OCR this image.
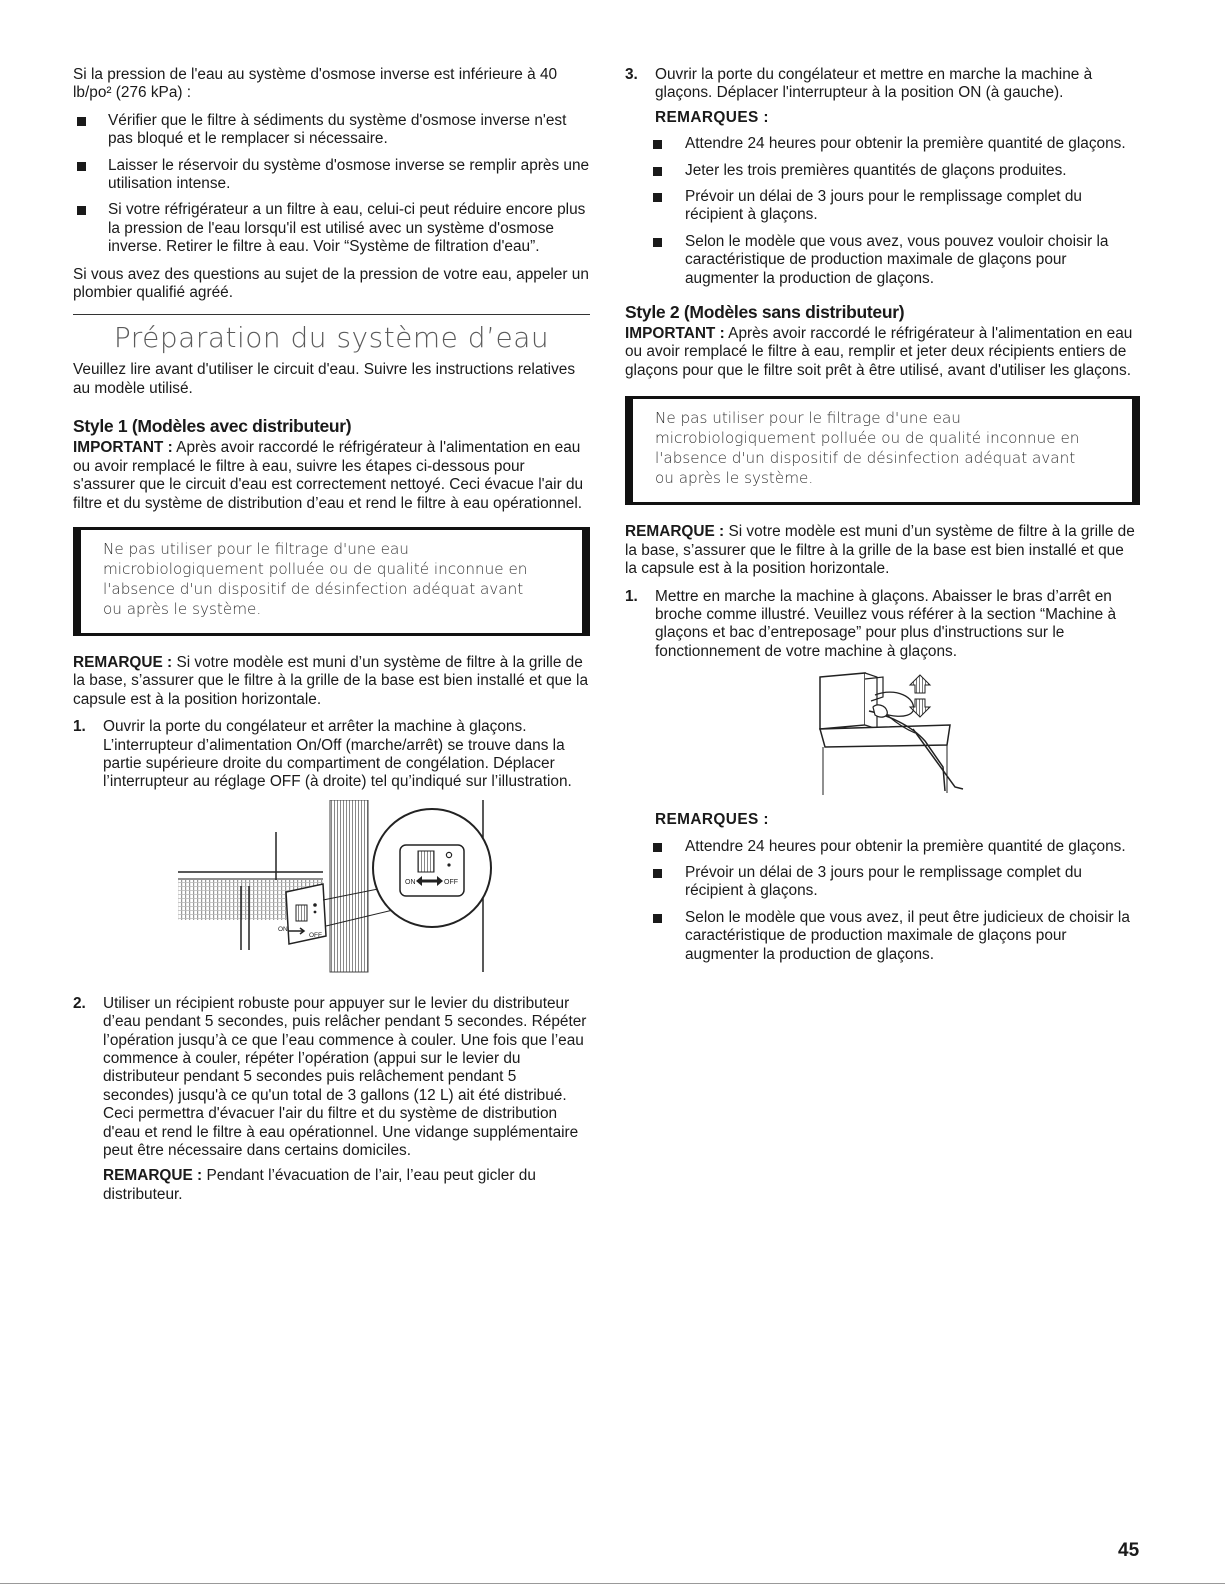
Si la pression de l'eau au système d'osmose inverse est inférieure à 40 lb/po² (276 kPa) :

Vérifier que le filtre à sédiments du système d'osmose inverse n'est pas bloqué et le remplacer si nécessaire.
Laisser le réservoir du système d'osmose inverse se remplir après une utilisation intense.
Si votre réfrigérateur a un filtre à eau, celui-ci peut réduire encore plus la pression de l'eau lorsqu'il est utilisé avec un système d'osmose inverse. Retirer le filtre à eau. Voir “Système de filtration d'eau”.

Si vous avez des questions au sujet de la pression de votre eau, appeler un plombier qualifié agréé.

Préparation du système d’eau

Veuillez lire avant d'utiliser le circuit d'eau. Suivre les instructions relatives au modèle utilisé.

Style 1 (Modèles avec distributeur)

IMPORTANT : Après avoir raccordé le réfrigérateur à l'alimentation en eau ou avoir remplacé le filtre à eau, suivre les étapes ci-dessous pour s'assurer que le circuit d'eau est correctement nettoyé. Ceci évacue l'air du filtre et du système de distribution d’eau et rend le filtre à eau opérationnel.

Ne pas utiliser pour le filtrage d'une eau
microbiologiquement polluée ou de qualité inconnue en
l'absence d'un dispositif de désinfection adéquat avant
ou après le système.

REMARQUE : Si votre modèle est muni d’un système de filtre à la grille de la base, s’assurer que le filtre à la grille de la base est bien installé et que la capsule est à la position horizontale.

1. Ouvrir la porte du congélateur et arrêter la machine à glaçons. L’interrupteur d’alimentation On/Off (marche/arrêt) se trouve dans la partie supérieure droite du compartiment de congélation. Déplacer l’interrupteur au réglage OFF (à droite) tel qu’indiqué sur l’illustration.
ON
OFF
ON	OFF
2. Utiliser un récipient robuste pour appuyer sur le levier du distributeur d’eau pendant 5 secondes, puis relâcher pendant 5 secondes. Répéter l’opération jusqu’à ce que l’eau commence à couler. Une fois que l’eau commence à couler, répéter l’opération (appui sur le levier du distributeur pendant 5 secondes puis relâchement pendant 5 secondes) jusqu'à ce qu'un total de 3 gallons (12 L) ait été distribué. Ceci permettra d'évacuer l'air du filtre et du système de distribution d'eau et rend le filtre à eau opérationnel. Une vidange supplémentaire peut être nécessaire dans certains domiciles.

REMARQUE : Pendant l’évacuation de l’air, l’eau peut gicler du distributeur.

3. Ouvrir la porte du congélateur et mettre en marche la machine à glaçons. Déplacer l'interrupteur à la position ON (à gauche).

REMARQUES :

Attendre 24 heures pour obtenir la première quantité de glaçons.
Jeter les trois premières quantités de glaçons produites.
Prévoir un délai de 3 jours pour le remplissage complet du récipient à glaçons.
Selon le modèle que vous avez, vous pouvez vouloir choisir la caractéristique de production maximale de glaçons pour augmenter la production de glaçons.
Style 2 (Modèles sans distributeur)

IMPORTANT : Après avoir raccordé le réfrigérateur à l'alimentation en eau ou avoir remplacé le filtre à eau, remplir et jeter deux récipients entiers de glaçons pour que le filtre soit prêt à être utilisé, avant d'utiliser les glaçons.

Ne pas utiliser pour le filtrage d'une eau
microbiologiquement polluée ou de qualité inconnue en
l'absence d'un dispositif de désinfection adéquat avant
ou après le système.

REMARQUE : Si votre modèle est muni d’un système de filtre à la grille de la base, s’assurer que le filtre à la grille de la base est bien installé et que la capsule est à la position horizontale.

1. Mettre en marche la machine à glaçons. Abaisser le bras d’arrêt en broche comme illustré. Veuillez vous référer à la section “Machine à glaçons et bac d’entreposage” pour plus d'instructions sur le fonctionnement de votre machine à glaçons.

REMARQUES :

Attendre 24 heures pour obtenir la première quantité de glaçons.
Prévoir un délai de 3 jours pour le remplissage complet du récipient à glaçons.
Selon le modèle que vous avez, il peut être judicieux de choisir la caractéristique de production maximale de glaçons pour augmenter la production de glaçons.
45
